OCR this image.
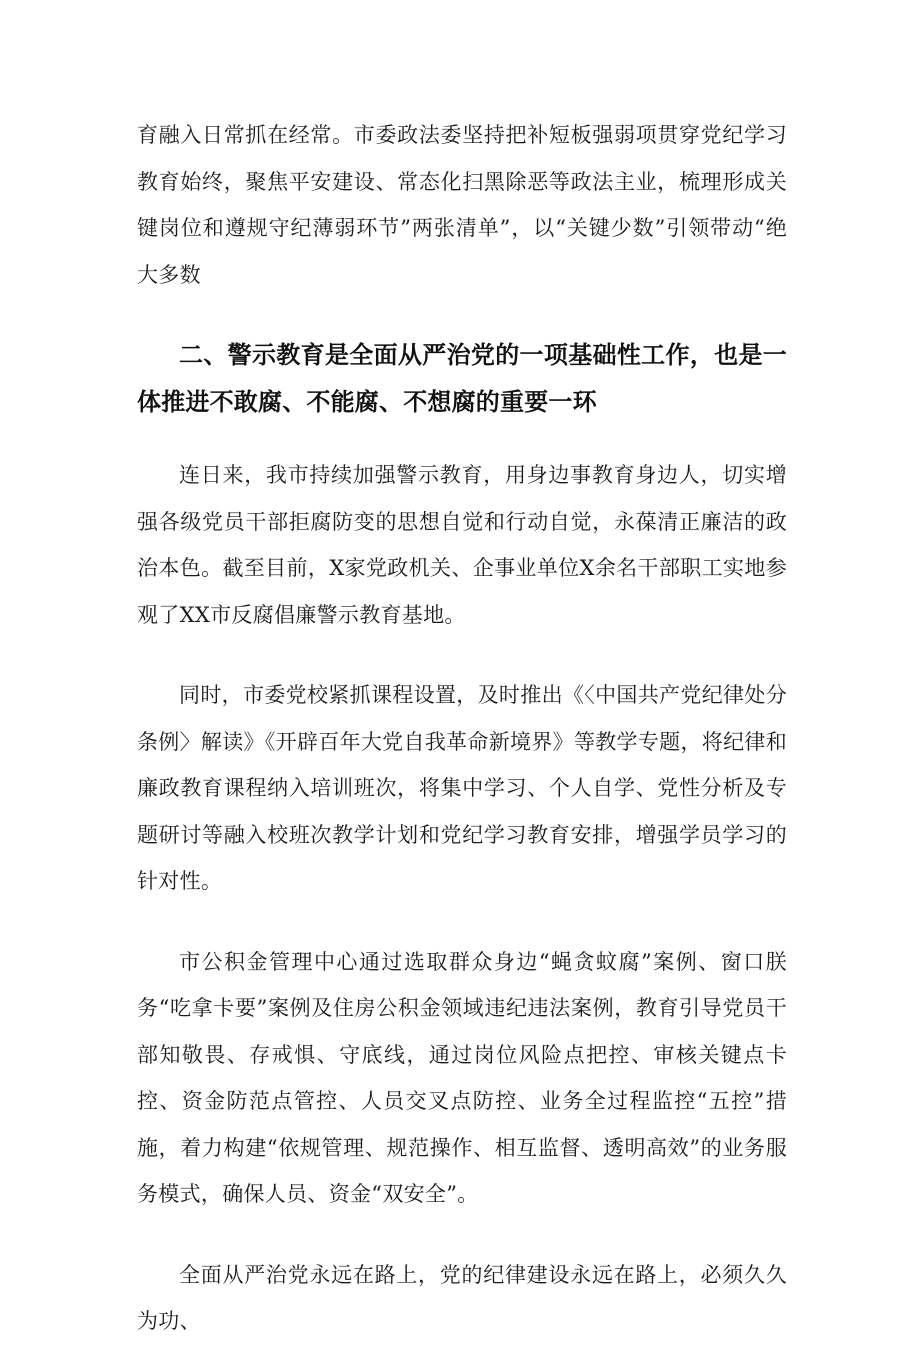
育融入日常抓在经常。市委政法委坚持把补短板强弱项贯穿党纪学习教育始终，聚焦平安建设、常态化扫黑除恶等政法主业，梳理形成关键岗位和遵规守纪薄弱环节”两张清单”，以“关键少数”引领带动“绝大多数

二、警示教育是全面从严治党的一项基础性工作，也是一体推进不敢腐、不能腐、不想腐的重要一环

连日来，我市持续加强警示教育，用身边事教育身边人，切实增强各级党员干部拒腐防变的思想自觉和行动自觉，永葆清正廉洁的政治本色。截至目前，X家党政机关、企事业单位X余名干部职工实地参观了XX市反腐倡廉警示教育基地。

同时，市委党校紧抓课程设置，及时推出《〈中国共产党纪律处分条例〉解读》《开辟百年大党自我革命新境界》等教学专题，将纪律和廉政教育课程纳入培训班次，将集中学习、个人自学、党性分析及专题研讨等融入校班次教学计划和党纪学习教育安排，增强学员学习的针对性。

市公积金管理中心通过选取群众身边“蝇贪蚊腐”案例、窗口朕务“吃拿卡要”案例及住房公积金领域违纪违法案例，教育引导党员干部知敬畏、存戒惧、守底线，通过岗位风险点把控、审核关键点卡控、资金防范点管控、人员交叉点防控、业务全过程监控“五控”措施，着力构建“依规管理、规范操作、相互监督、透明高效”的业务服务模式，确保人员、资金“双安全”。

全面从严治党永远在路上，党的纪律建设永远在路上，必须久久为功、
